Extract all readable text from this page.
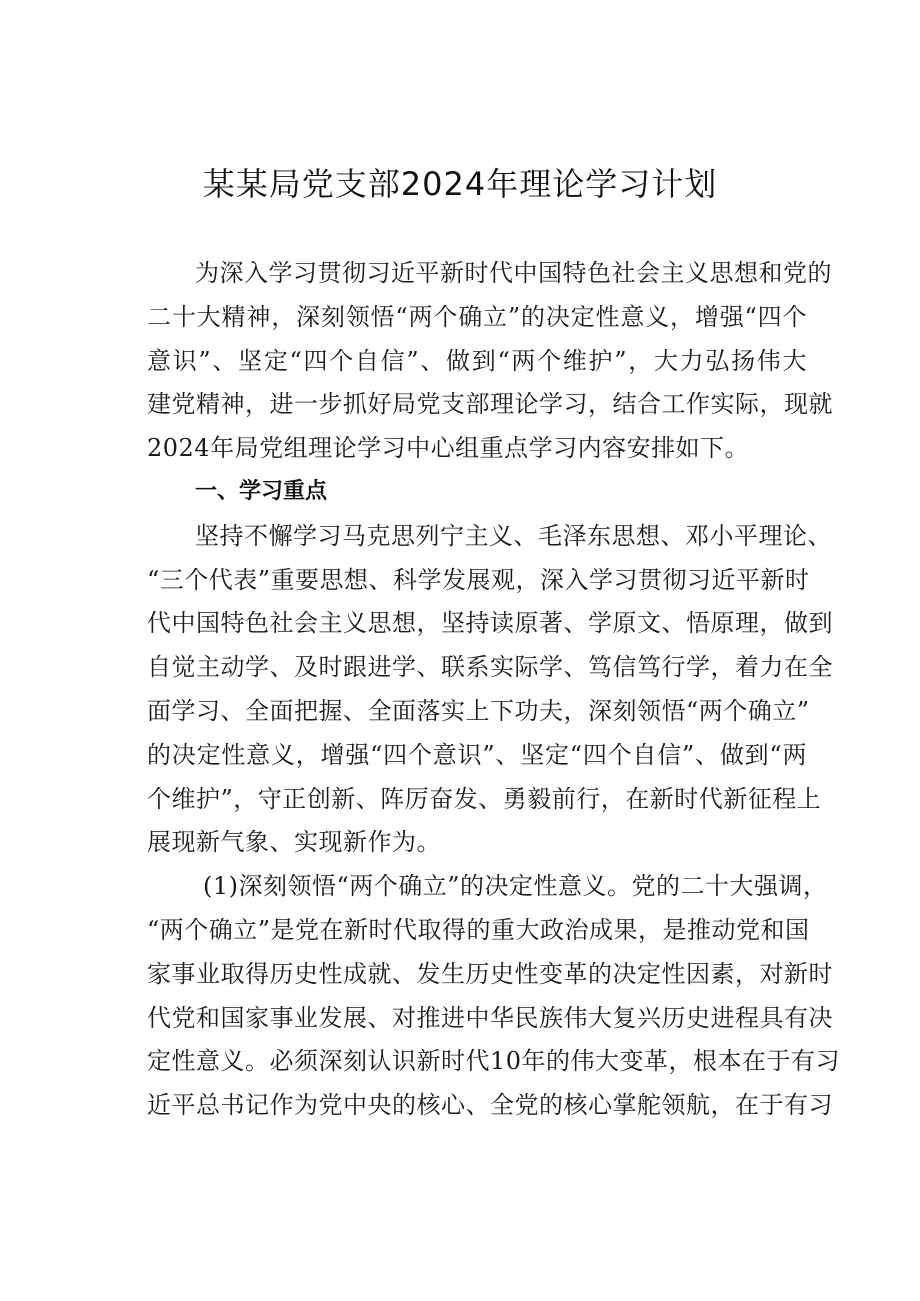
某某局党支部2024年理论学习计划
为深入学习贯彻习近平新时代中国特色社会主义思想和党的
二十大精神，深刻领悟“两个确立”的决定性意义，增强“四个
意识”、坚定“四个自信”、做到“两个维护”，大力弘扬伟大
建党精神，进一步抓好局党支部理论学习，结合工作实际，现就
2024年局党组理论学习中心组重点学习内容安排如下。
一、学习重点
坚持不懈学习马克思列宁主义、毛泽东思想、邓小平理论、
“三个代表”重要思想、科学发展观，深入学习贯彻习近平新时
代中国特色社会主义思想，坚持读原著、学原文、悟原理，做到
自觉主动学、及时跟进学、联系实际学、笃信笃行学，着力在全
面学习、全面把握、全面落实上下功夫，深刻领悟“两个确立”
的决定性意义，增强“四个意识”、坚定“四个自信”、做到“两
个维护”，守正创新、阵厉奋发、勇毅前行，在新时代新征程上
展现新气象、实现新作为。
(1)深刻领悟“两个确立”的决定性意义。党的二十大强调，
“两个确立”是党在新时代取得的重大政治成果，是推动党和国
家事业取得历史性成就、发生历史性变革的决定性因素，对新时
代党和国家事业发展、对推进中华民族伟大复兴历史进程具有决
定性意义。必须深刻认识新时代10年的伟大变革，根本在于有习
近平总书记作为党中央的核心、全党的核心掌舵领航，在于有习
